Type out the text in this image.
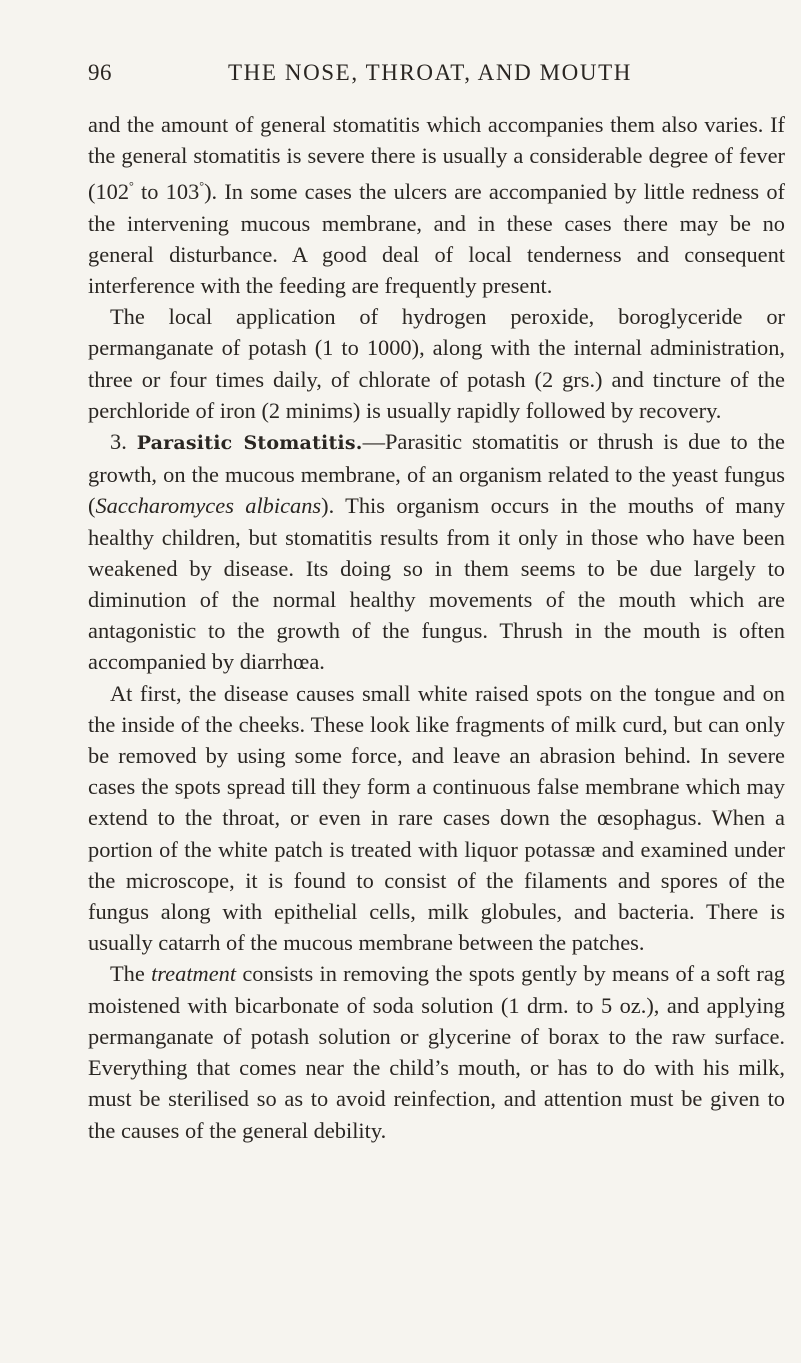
96	THE NOSE, THROAT, AND MOUTH

and the amount of general stomatitis which accompanies them also varies. If the general stomatitis is severe there is usually a considerable degree of fever (102° to 103°). In some cases the ulcers are accompanied by little redness of the intervening mucous membrane, and in these cases there may be no general disturbance. A good deal of local tenderness and consequent interference with the feeding are frequently present.

The local application of hydrogen peroxide, boroglyceride or permanganate of potash (1 to 1000), along with the internal administration, three or four times daily, of chlorate of potash (2 grs.) and tincture of the perchloride of iron (2 minims) is usually rapidly followed by recovery.

3. Parasitic Stomatitis.—Parasitic stomatitis or thrush is due to the growth, on the mucous membrane, of an organism related to the yeast fungus (Saccharomyces albicans). This organism occurs in the mouths of many healthy children, but stomatitis results from it only in those who have been weakened by disease. Its doing so in them seems to be due largely to diminution of the normal healthy movements of the mouth which are antagonistic to the growth of the fungus. Thrush in the mouth is often accompanied by diarrhœa.

At first, the disease causes small white raised spots on the tongue and on the inside of the cheeks. These look like fragments of milk curd, but can only be removed by using some force, and leave an abrasion behind. In severe cases the spots spread till they form a continuous false membrane which may extend to the throat, or even in rare cases down the œsophagus. When a portion of the white patch is treated with liquor potassæ and examined under the microscope, it is found to consist of the filaments and spores of the fungus along with epithelial cells, milk globules, and bacteria. There is usually catarrh of the mucous membrane between the patches.

The treatment consists in removing the spots gently by means of a soft rag moistened with bicarbonate of soda solution (1 drm. to 5 oz.), and applying permanganate of potash solution or glycerine of borax to the raw surface. Everything that comes near the child’s mouth, or has to do with his milk, must be sterilised so as to avoid reinfection, and attention must be given to the causes of the general debility.
